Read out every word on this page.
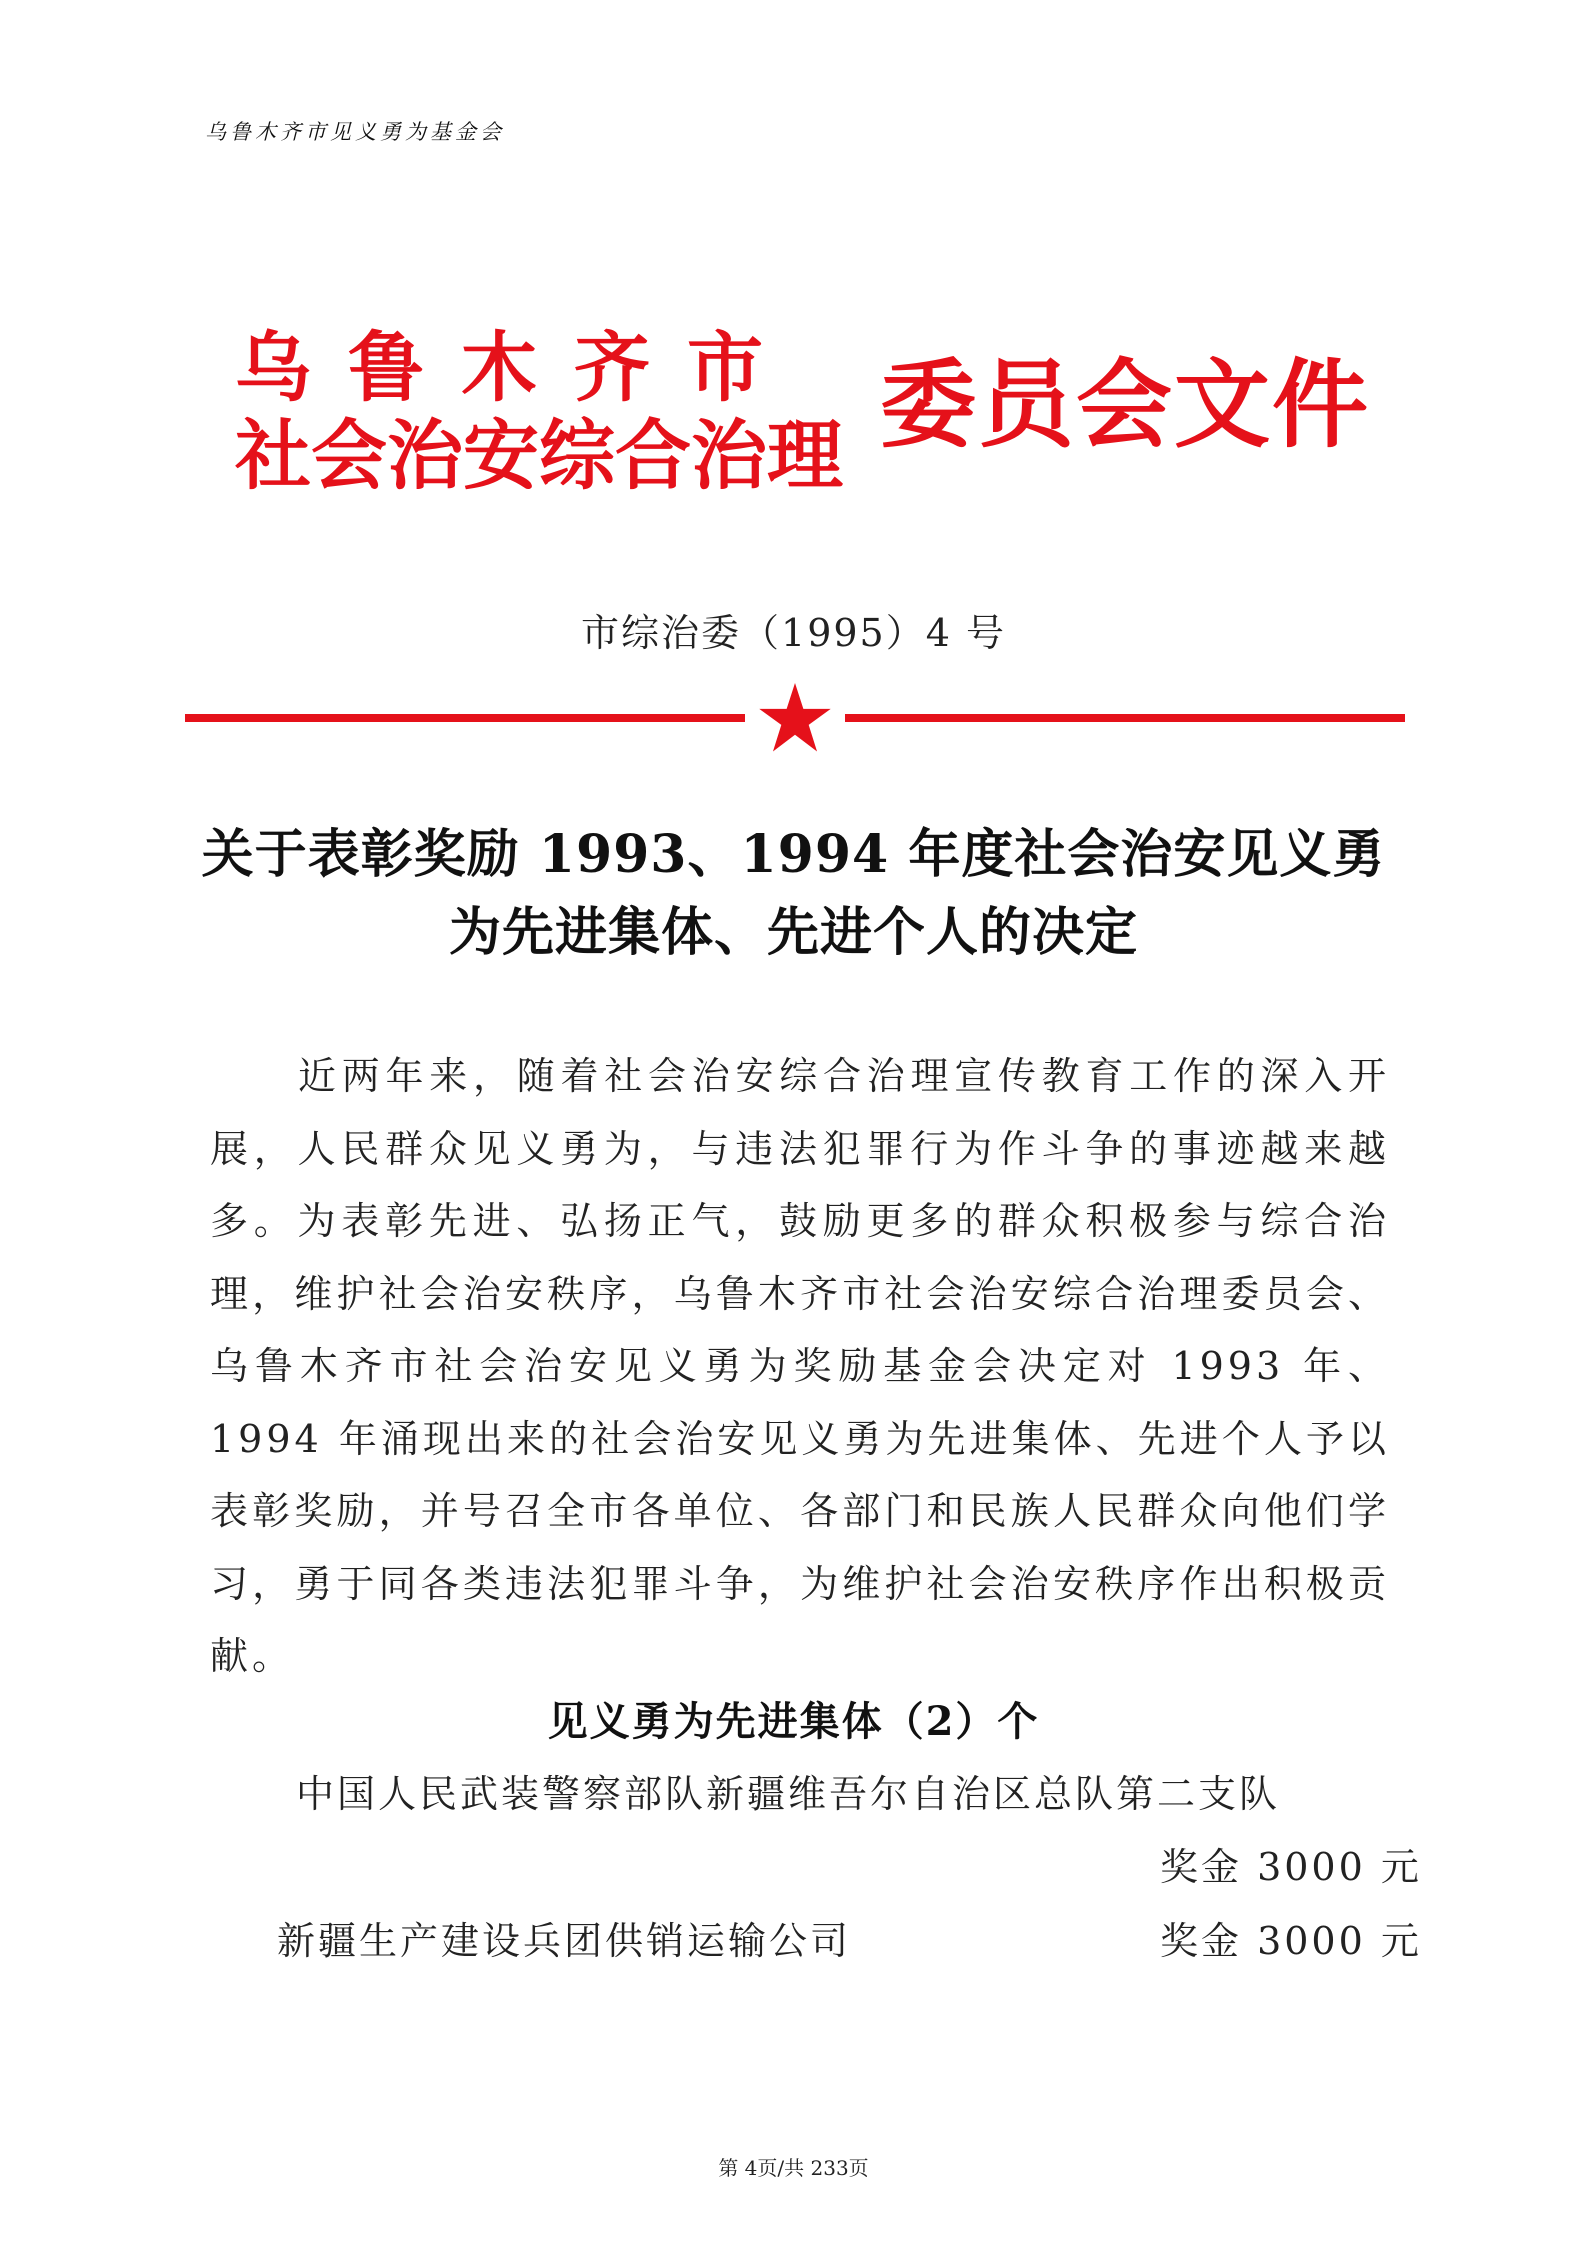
乌鲁木齐市见义勇为基金会
乌鲁木齐市
社会治安综合治理 委员会文件
市综治委（1995）4 号
关于表彰奖励 1993、1994 年度社会治安见义勇
为先进集体、先进个人的决定

近两年来，随着社会治安综合治理宣传教育工作的深入开展，人民群众见义勇为，与违法犯罪行为作斗争的事迹越来越多。为表彰先进、弘扬正气，鼓励更多的群众积极参与综合治理，维护社会治安秩序，乌鲁木齐市社会治安综合治理委员会、乌鲁木齐市社会治安见义勇为奖励基金会决定对 1993 年、1994 年涌现出来的社会治安见义勇为先进集体、先进个人予以表彰奖励，并号召全市各单位、各部门和民族人民群众向他们学习，勇于同各类违法犯罪斗争，为维护社会治安秩序作出积极贡献。

见义勇为先进集体（2）个
中国人民武装警察部队新疆维吾尔自治区总队第二支队
奖金 3000 元
新疆生产建设兵团供销运输公司	奖金 3000 元
第 4页/共 233页
